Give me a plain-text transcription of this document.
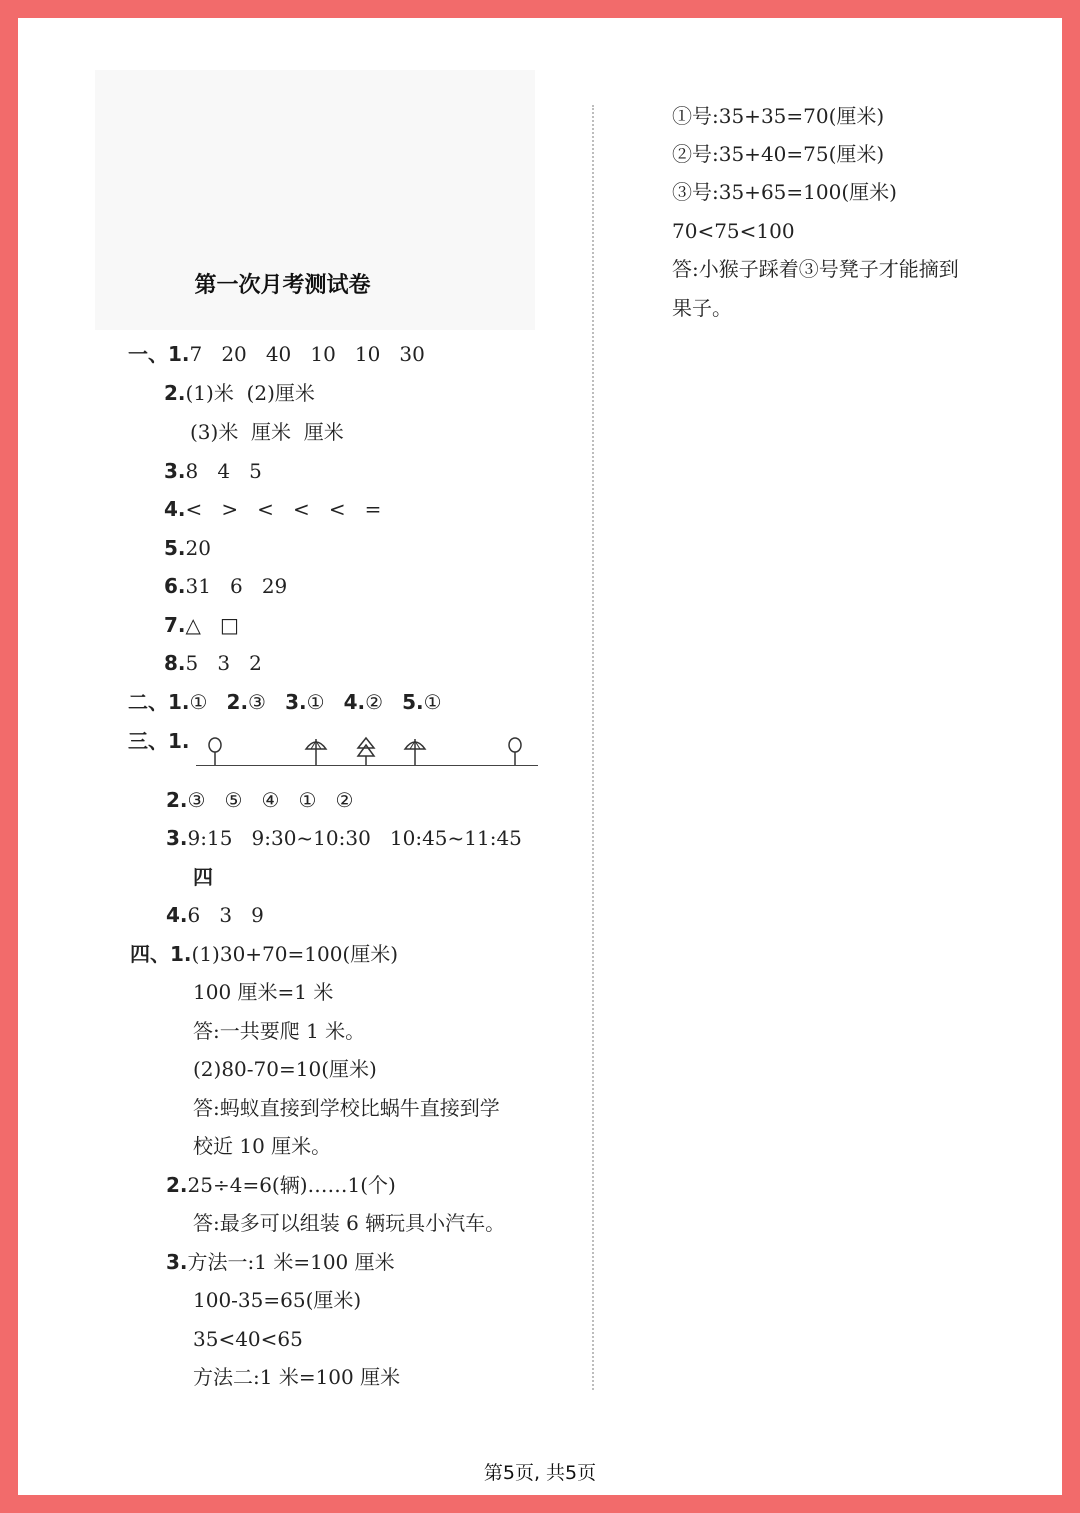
第一次月考测试卷
一、1.7   20   40   10   10   30
2.(1)米  (2)厘米
(3)米  厘米  厘米
3.8   4   5
4.<   >   <   <   <   =
5.20
6.31   6   29
7.△   □
8.5   3   2
二、1.① 2.③ 3.① 4.② 5.①
三、1.
2.③   ⑤   ④   ①   ②
3.9:15   9:30~10:30   10:45~11:45
四
4.6   3   9
四、1.(1)30+70=100(厘米)
100 厘米=1 米
答:一共要爬 1 米。
(2)80-70=10(厘米)
答:蚂蚁直接到学校比蜗牛直接到学
校近 10 厘米。
2.25÷4=6(辆)……1(个)
答:最多可以组装 6 辆玩具小汽车。
3.方法一:1 米=100 厘米
100-35=65(厘米)
35<40<65
方法二:1 米=100 厘米
①号:35+35=70(厘米)
②号:35+40=75(厘米)
③号:35+65=100(厘米)
70<75<100
答:小猴子踩着③号凳子才能摘到
果子。
第5页, 共5页
